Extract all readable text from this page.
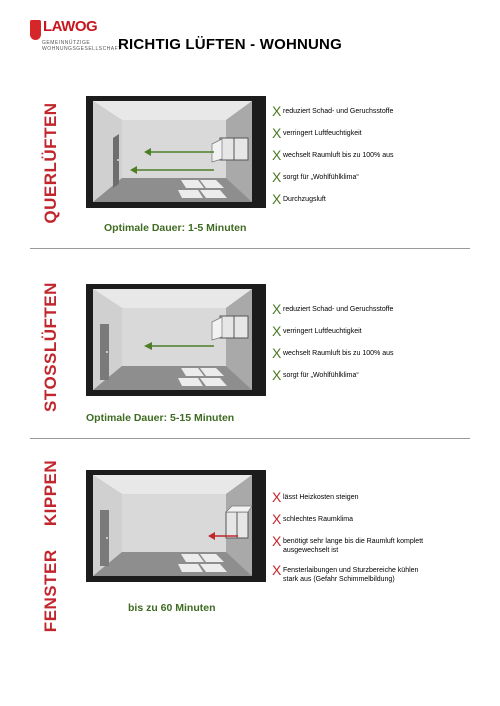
LAWOG
GEMEINNÜTZIGE WOHNUNGSGESELLSCHAFT
RICHTIG LÜFTEN - WOHNUNG
QUERLÜFTEN
Optimale Dauer: 1-5 Minuten
X reduziert Schad- und Geruchsstoffe
X verringert Luftfeuchtigkeit
X wechselt Raumluft bis zu 100% aus
X sorgt für „Wohlfühlklima“
X Durchzugsluft
STOSSLÜFTEN
Optimale Dauer: 5-15 Minuten
X reduziert Schad- und Geruchsstoffe
X verringert Luftfeuchtigkeit
X wechselt Raumluft bis zu 100% aus
X sorgt für „Wohlfühlklima“
FENSTER KIPPEN	bis zu 60 Minuten
X lässt Heizkosten steigen
X schlechtes Raumklima
X benötigt sehr lange bis die Raumluft komplett ausgewechselt ist
X Fensterlaibungen und Sturzbereiche kühlen stark aus (Gefahr Schimmelbildung)
